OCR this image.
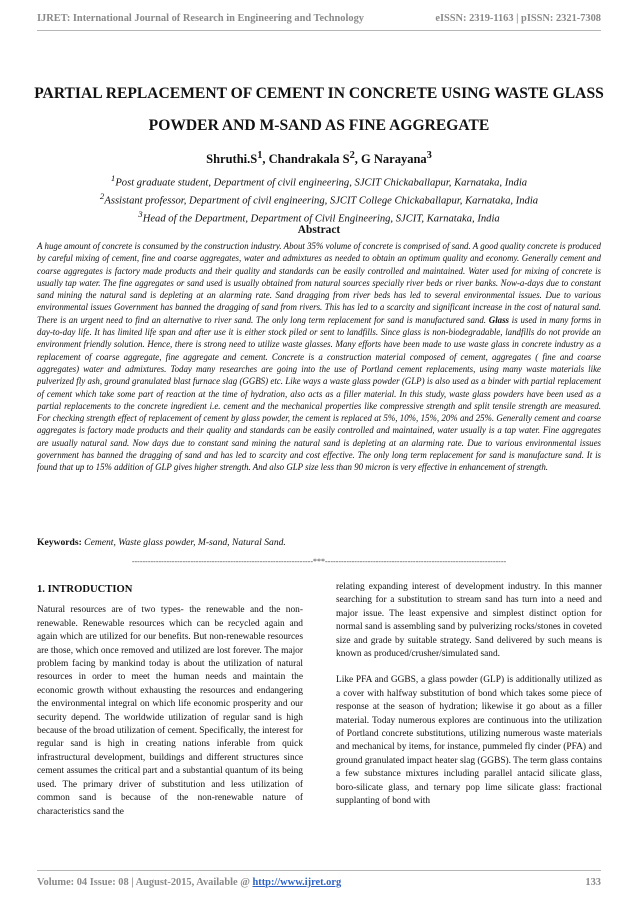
IJRET: International Journal of Research in Engineering and Technology	eISSN: 2319-1163 | pISSN: 2321-7308
PARTIAL REPLACEMENT OF CEMENT IN CONCRETE USING WASTE GLASS POWDER AND M-SAND AS FINE AGGREGATE
$Shruthi.S^1$, Chandrakala $S^2$, G Narayana$^3$
$^1$Post graduate student, Department of civil engineering, SJCIT Chickaballapur, Karnataka, India
$^2$Assistant professor, Department of civil engineering, SJCIT College Chickaballapur, Karnataka, India
$^3$Head of the Department, Department of Civil Engineering, SJCIT, Karnataka, India
Abstract

A huge amount of concrete is consumed by the construction industry. About 35% volume of concrete is comprised of sand. A good quality concrete is produced by careful mixing of cement, fine and coarse aggregates, water and admixtures as needed to obtain an optimum quality and economy. Generally cement and coarse aggregates is factory made products and their quality and standards can be easily controlled and maintained. Water used for mixing of concrete is usually tap water. The fine aggregates or sand used is usually obtained from natural sources specially river beds or river banks. Now-a-days due to constant sand mining the natural sand is depleting at an alarming rate. Sand dragging from river beds has led to several environmental issues. Due to various environmental issues Government has banned the dragging of sand from rivers. This has led to a scarcity and significant increase in the cost of natural sand. There is an urgent need to find an alternative to river sand. The only long term replacement for sand is manufactured sand. Glass is used in many forms in day-to-day life. It has limited life span and after use it is either stock piled or sent to landfills. Since glass is non-biodegradable, landfills do not provide an environment friendly solution. Hence, there is strong need to utilize waste glasses. Many efforts have been made to use waste glass in concrete industry as a replacement of coarse aggregate, fine aggregate and cement. Concrete is a construction material composed of cement, aggregates ( fine and coarse aggregates) water and admixtures. Today many researches are going into the use of Portland cement replacements, using many waste materials like pulverized fly ash, ground granulated blast furnace slag (GGBS) etc. Like ways a waste glass powder (GLP) is also used as a binder with partial replacement of cement which take some part of reaction at the time of hydration, also acts as a filler material. In this study, waste glass powders have been used as a partial replacements to the concrete ingredient i.e. cement and the mechanical properties like compressive strength and split tensile strength are measured. For checking strength effect of replacement of cement by glass powder, the cement is replaced at 5%, 10%, 15%, 20% and 25%. Generally cement and coarse aggregates is factory made products and their quality and standards can be easily controlled and maintained, water usually is a tap water. Fine aggregates are usually natural sand. Now days due to constant sand mining the natural sand is depleting at an alarming rate. Due to various environmental issues government has banned the dragging of sand and has led to scarcity and cost effective. The only long term replacement for sand is manufacture sand. It is found that up to 15% addition of GLP gives higher strength. And also GLP size less than 90 micron is very effective in enhancement of strength.

Keywords: Cement, Waste glass powder, M-sand, Natural Sand.

--------------------------------------------------------------------***--------------------------------------------------------------------
1. INTRODUCTION

Natural resources are of two types- the renewable and the non-renewable. Renewable resources which can be recycled again and again which are utilized for our benefits. But non-renewable resources are those, which once removed and utilized are lost forever. The major problem facing by mankind today is about the utilization of natural resources in order to meet the human needs and maintain the economic growth without exhausting the resources and endangering the environmental integral on which life economic prosperity and our security depend. The worldwide utilization of regular sand is high because of the broad utilization of cement. Specifically, the interest for regular sand is high in creating nations inferable from quick infrastructural development, buildings and different structures since cement assumes the critical part and a substantial quantum of its being used. The primary driver of substitution and less utilization of common sand is because of the non-renewable nature of characteristics sand the

relating expanding interest of development industry. In this manner searching for a substitution to stream sand has turn into a need and major issue. The least expensive and simplest distinct option for normal sand is assembling sand by pulverizing rocks/stones in coveted size and grade by suitable strategy. Sand delivered by such means is known as produced/crusher/simulated sand.

Like PFA and GGBS, a glass powder (GLP) is additionally utilized as a cover with halfway substitution of bond which takes some piece of response at the season of hydration; likewise it go about as a filler material. Today numerous explores are continuous into the utilization of Portland concrete substitutions, utilizing numerous waste materials and mechanical by items, for instance, pummeled fly cinder (PFA) and ground granulated impact heater slag (GGBS). The term glass contains a few substance mixtures including parallel antacid silicate glass, boro-silicate glass, and ternary pop lime silicate glass: fractional supplanting of bond with

Volume: 04 Issue: 08 | August-2015, Available @ http://www.ijret.org	133
